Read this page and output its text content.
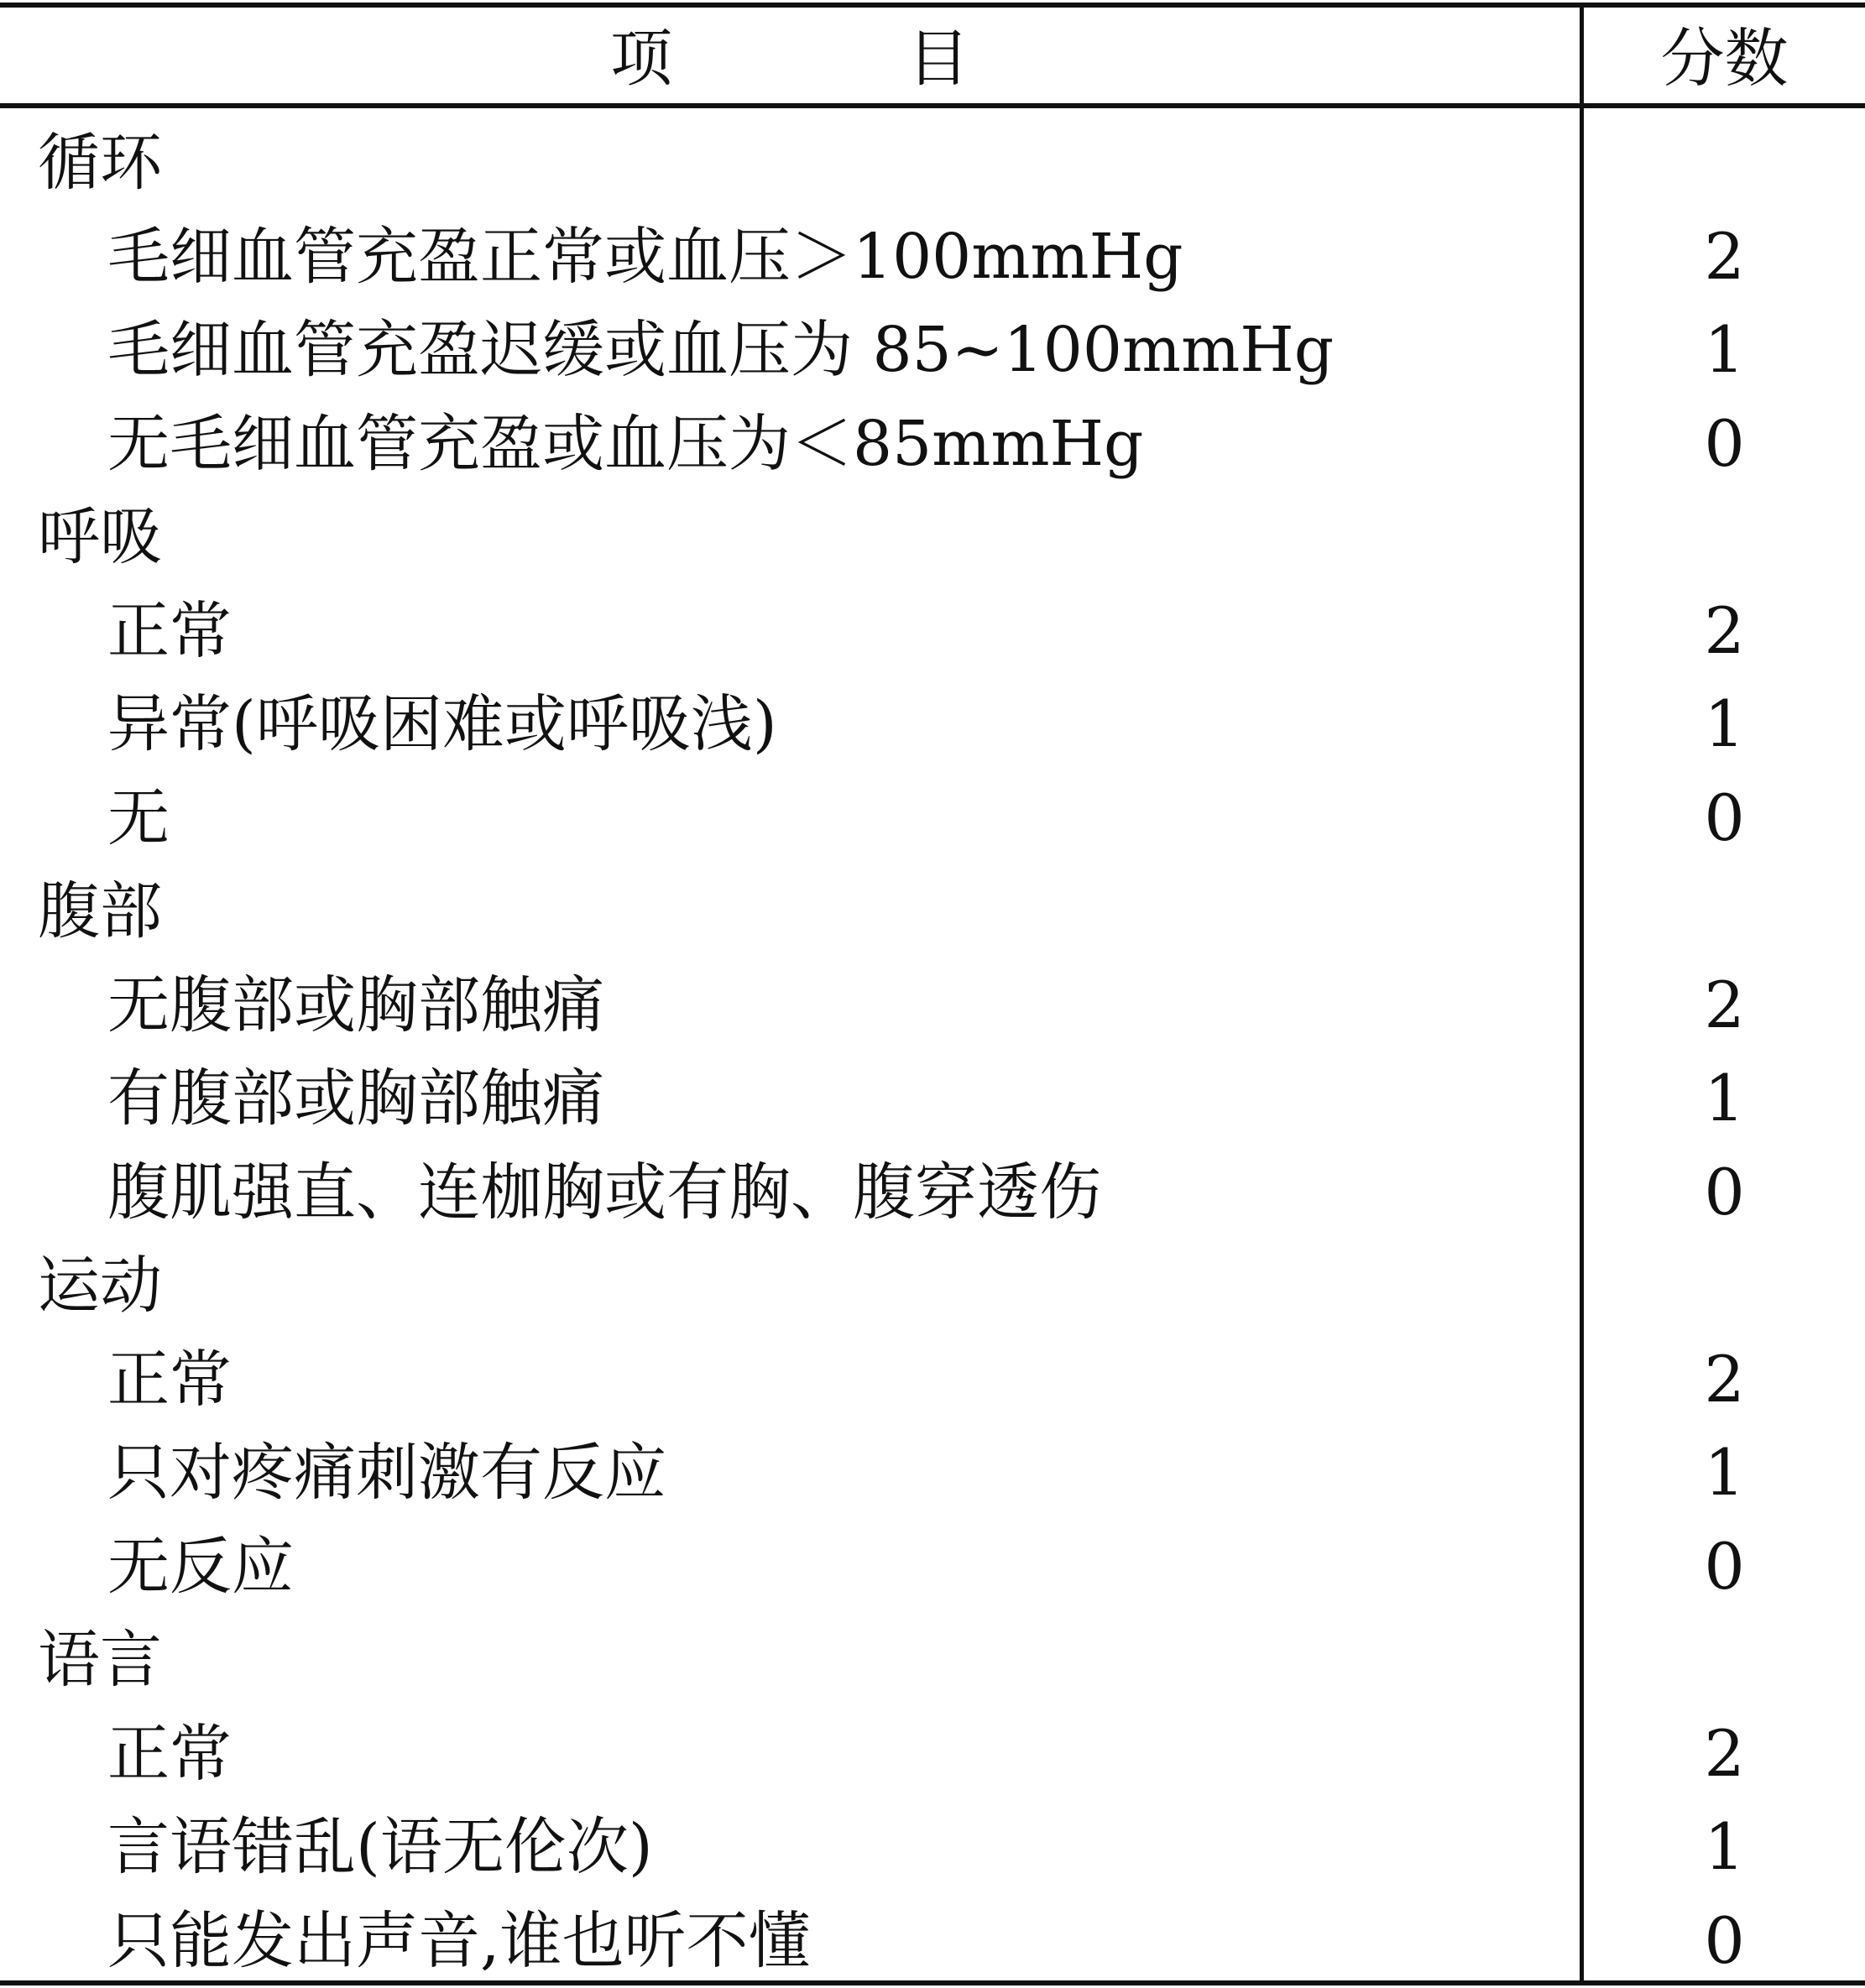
项目	分数
循环
毛细血管充盈正常或血压＞100mmHg	2
毛细血管充盈迟缓或血压为 85~100mmHg	1
无毛细血管充盈或血压为＜85mmHg	0
呼吸
正常	2
异常(呼吸困难或呼吸浅)	1
无	0
腹部
无腹部或胸部触痛	2
有腹部或胸部触痛	1
腹肌强直、连枷胸或有胸、腹穿透伤	0
运动
正常	2
只对疼痛刺激有反应	1
无反应	0
语言
正常	2
言语错乱(语无伦次)	1
只能发出声音,谁也听不懂	0
